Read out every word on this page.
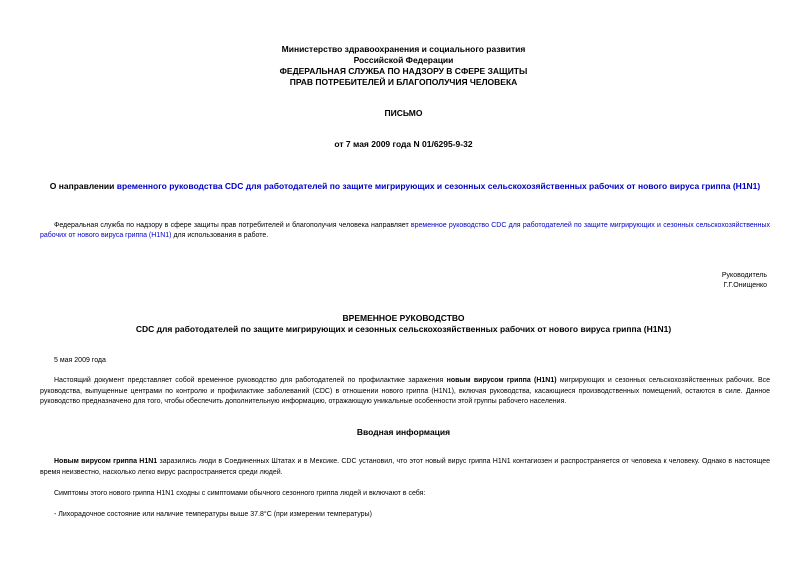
Министерство здравоохранения и социального развития
Российской Федерации
ФЕДЕРАЛЬНАЯ СЛУЖБА ПО НАДЗОРУ В СФЕРЕ ЗАЩИТЫ
ПРАВ ПОТРЕБИТЕЛЕЙ И БЛАГОПОЛУЧИЯ ЧЕЛОВЕКА
ПИСЬМО
от 7 мая 2009 года N 01/6295-9-32
О направлении временного руководства CDC для работодателей по защите мигрирующих и сезонных сельскохозяйственных рабочих от нового вируса гриппа (H1N1)
Федеральная служба по надзору в сфере защиты прав потребителей и благополучия человека направляет временное руководство CDC для работодателей по защите мигрирующих и сезонных сельскохозяйственных рабочих от нового вируса гриппа (H1N1) для использования в работе.
Руководитель
Г.Г.Онищенко
ВРЕМЕННОЕ РУКОВОДСТВО
CDC для работодателей по защите мигрирующих и сезонных сельскохозяйственных рабочих от нового вируса гриппа (H1N1)
5 мая 2009 года
Настоящий документ представляет собой временное руководство для работодателей по профилактике заражения новым вирусом гриппа (H1N1) мигрирующих и сезонных сельскохозяйственных рабочих. Все руководства, выпущенные центрами по контролю и профилактике заболеваний (CDC) в отношении нового гриппа (H1N1), включая руководства, касающиеся производственных помещений, остаются в силе. Данное руководство предназначено для того, чтобы обеспечить дополнительную информацию, отражающую уникальные особенности этой группы рабочего населения.
Вводная информация
Новым вирусом гриппа H1N1 заразились люди в Соединенных Штатах и в Мексике. CDC установил, что этот новый вирус гриппа H1N1 контагиозен и распространяется от человека к человеку. Однако в настоящее время неизвестно, насколько легко вирус распространяется среди людей.
Симптомы этого нового гриппа H1N1 сходны с симптомами обычного сезонного гриппа людей и включают в себя:
- Лихорадочное состояние или наличие температуры выше 37.8°С (при измерении температуры)
